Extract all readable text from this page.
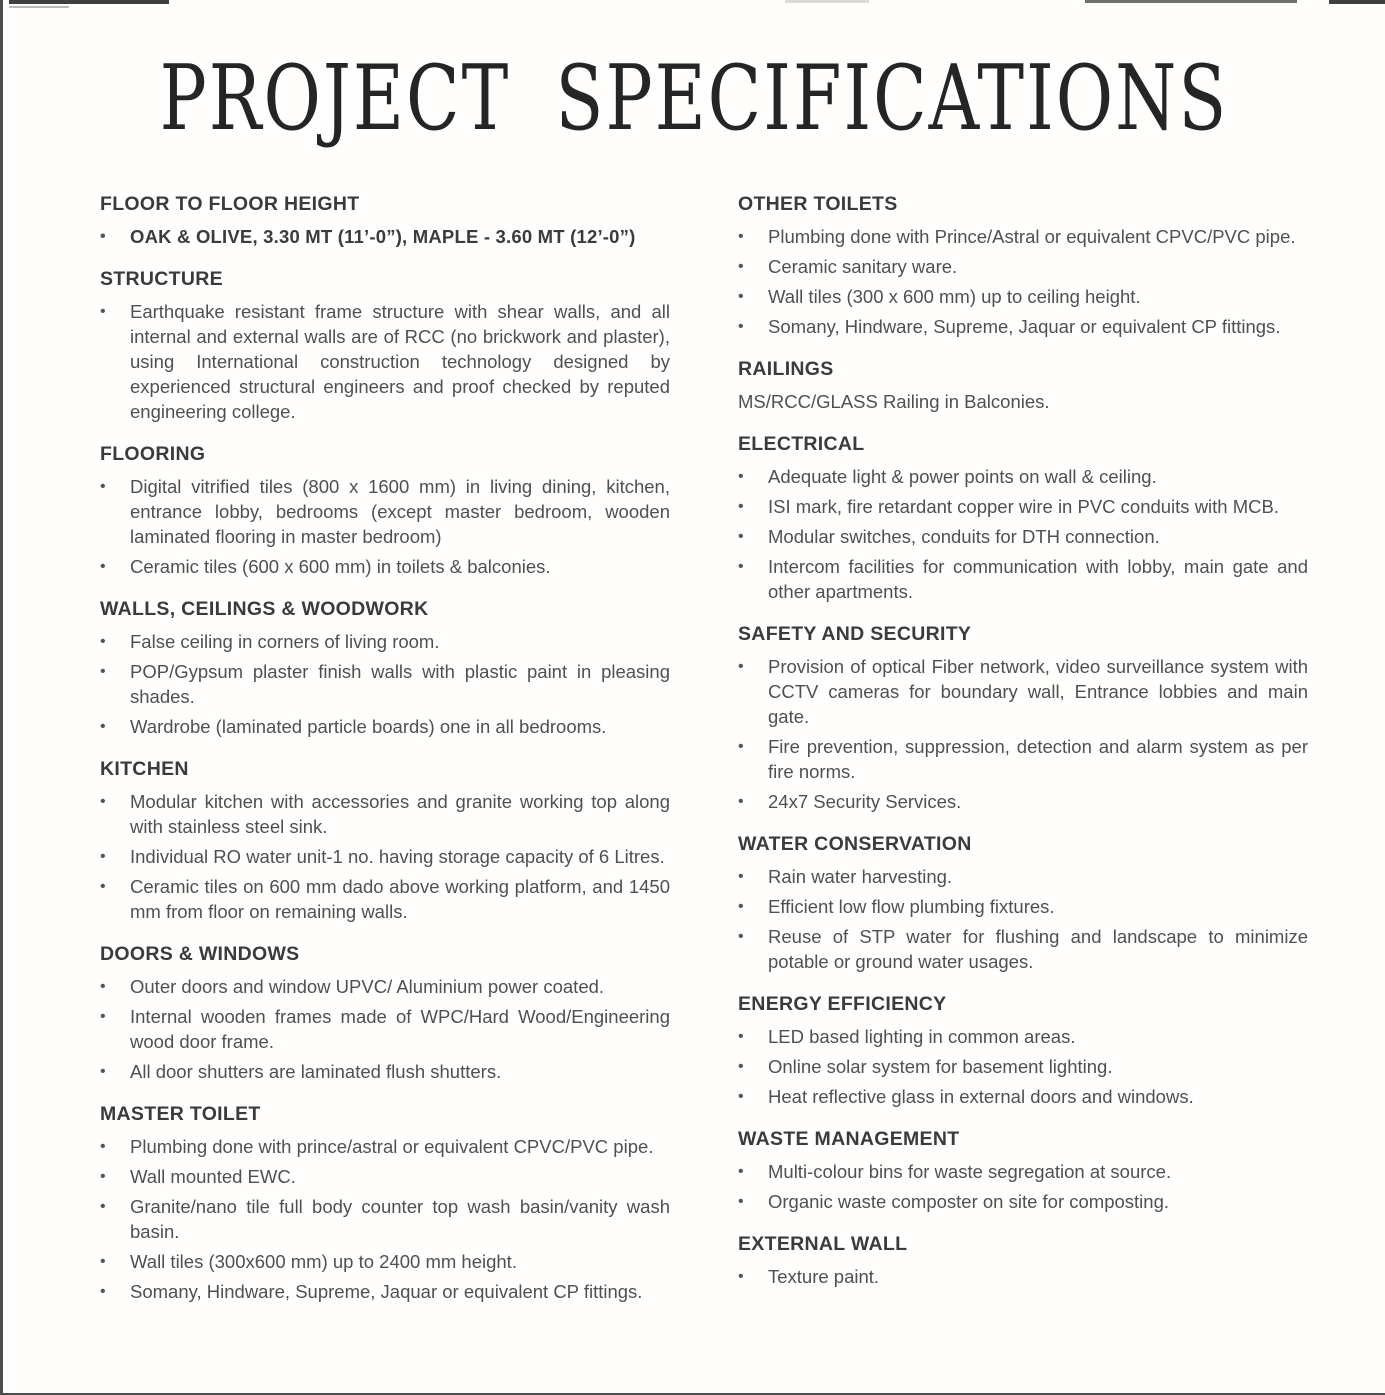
PROJECT SPECIFICATIONS
FLOOR TO FLOOR HEIGHT
•	OAK & OLIVE, 3.30 MT (11’-0”), MAPLE - 3.60 MT (12’-0”)
STRUCTURE
•	Earthquake resistant frame structure with shear walls, and all internal and external walls are of RCC (no brickwork and plaster), using International construction technology designed by experienced structural engineers and proof checked by reputed engineering college.
FLOORING
•	Digital vitrified tiles (800 x 1600 mm) in living dining, kitchen, entrance lobby, bedrooms (except master bedroom, wooden laminated flooring in master bedroom)
•	Ceramic tiles (600 x 600 mm) in toilets & balconies.
WALLS, CEILINGS & WOODWORK
•	False ceiling in corners of living room.
•	POP/Gypsum plaster finish walls with plastic paint in pleasing shades.
•	Wardrobe (laminated particle boards) one in all bedrooms.
KITCHEN
•	Modular kitchen with accessories and granite working top along with stainless steel sink.
•	Individual RO water unit-1 no. having storage capacity of 6 Litres.
•	Ceramic tiles on 600 mm dado above working platform, and 1450 mm from floor on remaining walls.
DOORS & WINDOWS
•	Outer doors and window UPVC/ Aluminium power coated.
•	Internal wooden frames made of WPC/Hard Wood/Engineering wood door frame.
•	All door shutters are laminated flush shutters.
MASTER TOILET
•	Plumbing done with prince/astral or equivalent CPVC/PVC pipe.
•	Wall mounted EWC.
•	Granite/nano tile full body counter top wash basin/vanity wash basin.
•	Wall tiles (300x600 mm) up to 2400 mm height.
•	Somany, Hindware, Supreme, Jaquar or equivalent CP fittings.
OTHER TOILETS
•	Plumbing done with Prince/Astral or equivalent CPVC/PVC pipe.
•	Ceramic sanitary ware.
•	Wall tiles (300 x 600 mm) up to ceiling height.
•	Somany, Hindware, Supreme, Jaquar or equivalent CP fittings.
RAILINGS
MS/RCC/GLASS Railing in Balconies.
ELECTRICAL
•	Adequate light & power points on wall & ceiling.
•	ISI mark, fire retardant copper wire in PVC conduits with MCB.
•	Modular switches, conduits for DTH connection.
•	Intercom facilities for communication with lobby, main gate and other apartments.
SAFETY AND SECURITY
•	Provision of optical Fiber network, video surveillance system with CCTV cameras for boundary wall, Entrance lobbies and main gate.
•	Fire prevention, suppression, detection and alarm system as per fire norms.
•	24x7 Security Services.
WATER CONSERVATION
•	Rain water harvesting.
•	Efficient low flow plumbing fixtures.
•	Reuse of STP water for flushing and landscape to minimize potable or ground water usages.
ENERGY EFFICIENCY
•	LED based lighting in common areas.
•	Online solar system for basement lighting.
•	Heat reflective glass in external doors and windows.
WASTE MANAGEMENT
•	Multi-colour bins for waste segregation at source.
•	Organic waste composter on site for composting.
EXTERNAL WALL
•	Texture paint.
